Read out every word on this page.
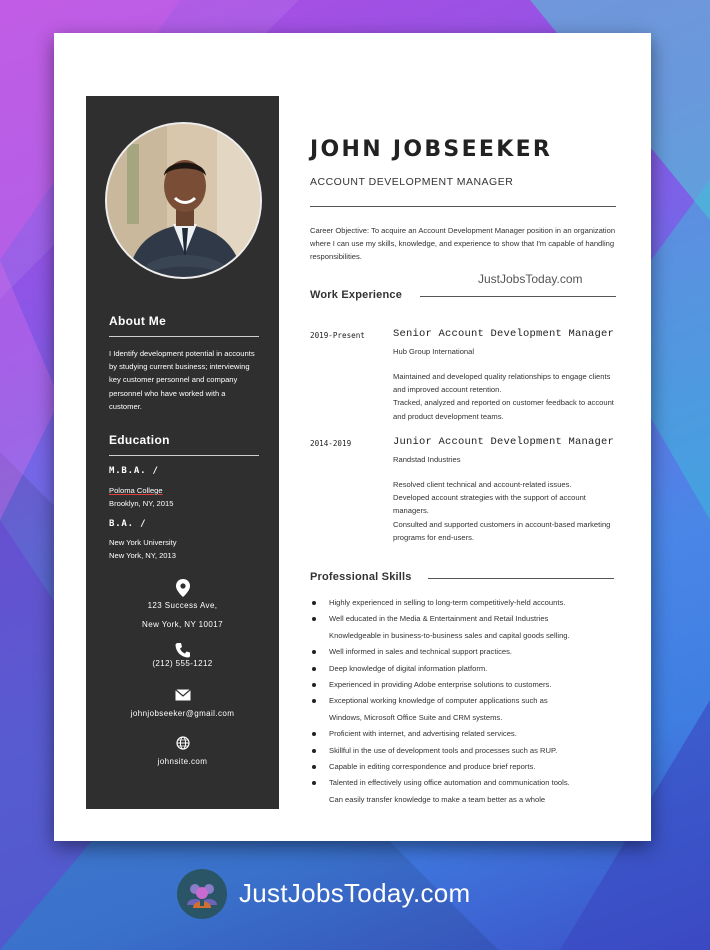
About Me
I Identify development potential in accounts by studying current business; interviewing key customer personnel and company personnel who have worked with a customer.
Education
M.B.A. /
Poloma College
Brooklyn, NY, 2015
B.A. /
New York University
New York, NY, 2013
123 Success Ave,
New York, NY 10017
(212) 555-1212
johnjobseeker@gmail.com
johnsite.com
JOHN JOBSEEKER
ACCOUNT DEVELOPMENT MANAGER
Career Objective: To acquire an Account Development Manager position in an organization where I can use my skills, knowledge, and experience to show that I'm capable of handling responsibilities.
JustJobsToday.com
Work Experience
2019-Present	Senior Account Development Manager
Hub Group International
Maintained and developed quality relationships to engage clients and improved account retention.
Tracked, analyzed and reported on customer feedback to account and product development teams.
2014-2019	Junior Account Development Manager
Randstad Industries
Resolved client technical and account-related issues.
Developed account strategies with the support of account managers.
Consulted and supported customers in account-based marketing programs for end-users.
Professional Skills
Highly experienced in selling to long-term competitively-held accounts.
Well educated in the Media & Entertainment and Retail Industries
Knowledgeable in business-to-business sales and capital goods selling.
Well informed in sales and technical support practices.
Deep knowledge of digital information platform.
Experienced in providing Adobe enterprise solutions to customers.
Exceptional working knowledge of computer applications such as
Windows, Microsoft Office Suite and CRM systems.
Proficient with internet, and advertising related services.
Skillful in the use of development tools and processes such as RUP.
Capable in editing correspondence and produce brief reports.
Talented in effectively using office automation and communication tools.
Can easily transfer knowledge to make a team better as a whole
JustJobsToday.com
